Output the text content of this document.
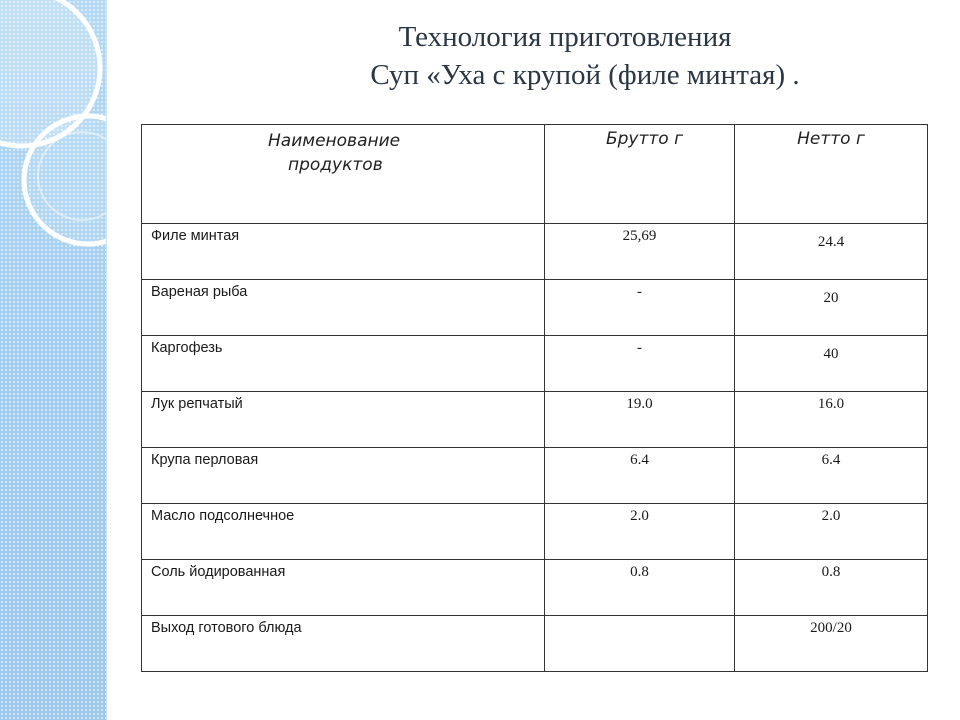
Технология приготовления
Суп «Уха с крупой (филе минтая) .
Наименование
продуктов	Брутто г	Нетто г
Филе минтая	25,69	24.4
Вареная рыба	-	20
Каргофезь	-	40
Лук репчатый	19.0	16.0
Крупа перловая	6.4	6.4
Масло подсолнечное	2.0	2.0
Соль йодированная	0.8	0.8
Выход готового блюда		200/20
